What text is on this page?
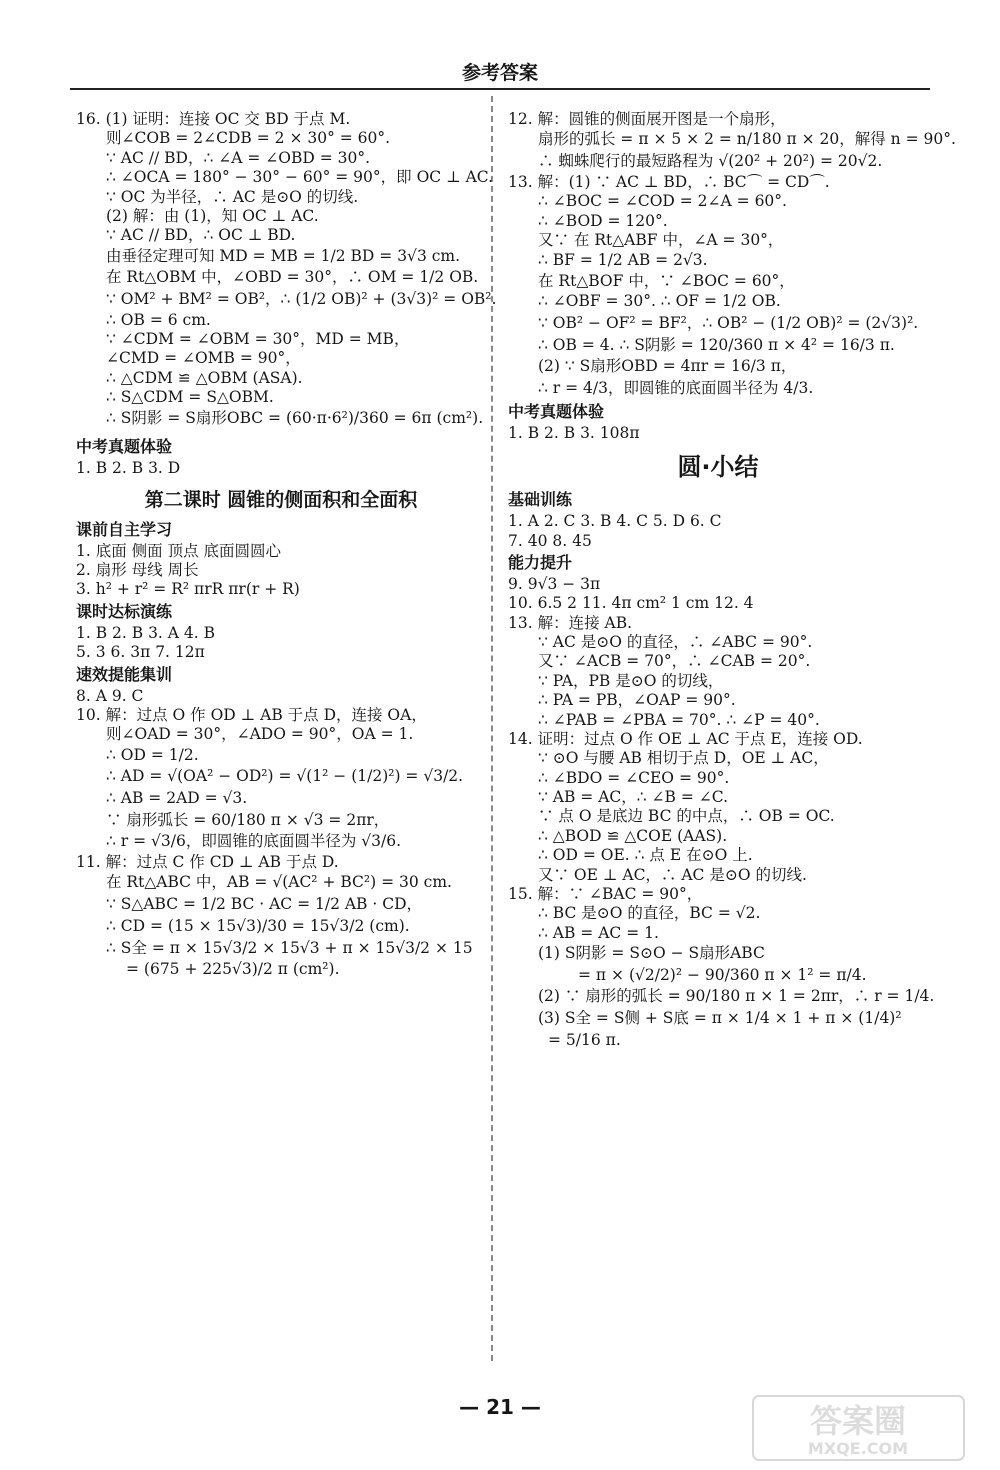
参考答案
16. (1) 证明：连接 OC 交 BD 于点 M.
则∠COB = 2∠CDB = 2 × 30° = 60°.
∵ AC // BD，∴ ∠A = ∠OBD = 30°.
∴ ∠OCA = 180° − 30° − 60° = 90°，即 OC ⊥ AC.
∵ OC 为半径，∴ AC 是⊙O 的切线.
(2) 解：由 (1)，知 OC ⊥ AC.
∵ AC // BD，∴ OC ⊥ BD.
由垂径定理可知 MD = MB = 1/2 BD = 3√3 cm.
在 Rt△OBM 中，∠OBD = 30°，∴ OM = 1/2 OB.
∵ OM² + BM² = OB²，∴ (1/2 OB)² + (3√3)² = OB².
∴ OB = 6 cm.
∵ ∠CDM = ∠OBM = 30°，MD = MB，
∠CMD = ∠OMB = 90°，
∴ △CDM ≌ △OBM (ASA).
∴ S△CDM = S△OBM.
∴ S阴影 = S扇形OBC = (60·π·6²)/360 = 6π (cm²).
中考真题体验
1. B 2. B 3. D
第二课时 圆锥的侧面积和全面积
课前自主学习
1. 底面 侧面 顶点 底面圆圆心
2. 扇形 母线 周长
3. h² + r² = R² πrR πr(r + R)
课时达标演练
1. B 2. B 3. A 4. B
5. 3 6. 3π 7. 12π
速效提能集训
8. A 9. C
10. 解：过点 O 作 OD ⊥ AB 于点 D，连接 OA，
则∠OAD = 30°，∠ADO = 90°，OA = 1.
∴ OD = 1/2.
∴ AD = √(OA² − OD²) = √(1² − (1/2)²) = √3/2.
∴ AB = 2AD = √3.
∵ 扇形弧长 = 60/180 π × √3 = 2πr，
∴ r = √3/6，即圆锥的底面圆半径为 √3/6.
11. 解：过点 C 作 CD ⊥ AB 于点 D.
在 Rt△ABC 中，AB = √(AC² + BC²) = 30 cm.
∵ S△ABC = 1/2 BC · AC = 1/2 AB · CD，
∴ CD = (15 × 15√3)/30 = 15√3/2 (cm).
∴ S全 = π × 15√3/2 × 15√3 + π × 15√3/2 × 15
= (675 + 225√3)/2 π (cm²).
12. 解：圆锥的侧面展开图是一个扇形，
扇形的弧长 = π × 5 × 2 = n/180 π × 20，解得 n = 90°.
∴ 蜘蛛爬行的最短路程为 √(20² + 20²) = 20√2.
13. 解：(1) ∵ AC ⊥ BD，∴ BC⌒ = CD⌒.
∴ ∠BOC = ∠COD = 2∠A = 60°.
∴ ∠BOD = 120°.
又∵ 在 Rt△ABF 中，∠A = 30°，
∴ BF = 1/2 AB = 2√3.
在 Rt△BOF 中，∵ ∠BOC = 60°，
∴ ∠OBF = 30°. ∴ OF = 1/2 OB.
∵ OB² − OF² = BF²，∴ OB² − (1/2 OB)² = (2√3)².
∴ OB = 4. ∴ S阴影 = 120/360 π × 4² = 16/3 π.
(2) ∵ S扇形OBD = 4πr = 16/3 π，
∴ r = 4/3，即圆锥的底面圆半径为 4/3.
中考真题体验
1. B 2. B 3. 108π
圆·小结
基础训练
1. A 2. C 3. B 4. C 5. D 6. C
7. 40 8. 45
能力提升
9. 9√3 − 3π
10. 6.5 2 11. 4π cm² 1 cm 12. 4
13. 解：连接 AB.
∵ AC 是⊙O 的直径，∴ ∠ABC = 90°.
又∵ ∠ACB = 70°，∴ ∠CAB = 20°.
∵ PA，PB 是⊙O 的切线，
∴ PA = PB，∠OAP = 90°.
∴ ∠PAB = ∠PBA = 70°. ∴ ∠P = 40°.
14. 证明：过点 O 作 OE ⊥ AC 于点 E，连接 OD.
∵ ⊙O 与腰 AB 相切于点 D，OE ⊥ AC，
∴ ∠BDO = ∠CEO = 90°.
∵ AB = AC，∴ ∠B = ∠C.
∵ 点 O 是底边 BC 的中点，∴ OB = OC.
∴ △BOD ≌ △COE (AAS).
∴ OD = OE. ∴ 点 E 在⊙O 上.
又∵ OE ⊥ AC，∴ AC 是⊙O 的切线.
15. 解：∵ ∠BAC = 90°，
∴ BC 是⊙O 的直径，BC = √2.
∴ AB = AC = 1.
(1) S阴影 = S⊙O − S扇形ABC
= π × (√2/2)² − 90/360 π × 1² = π/4.
(2) ∵ 扇形的弧长 = 90/180 π × 1 = 2πr，∴ r = 1/4.
(3) S全 = S侧 + S底 = π × 1/4 × 1 + π × (1/4)²
= 5/16 π.
— 21 —	答案圈
MXQE.COM
